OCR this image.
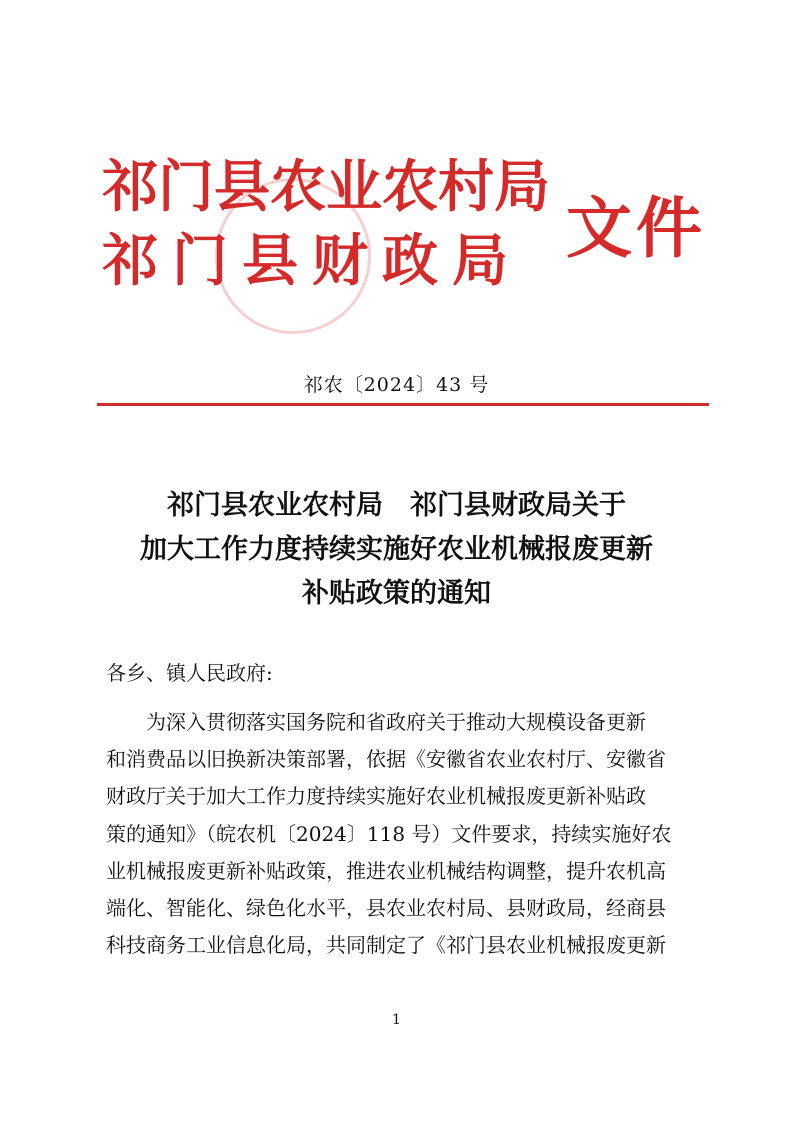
祁门县农业农村局
祁门县财政局 文件
祁农〔2024〕43 号
祁门县农业农村局　祁门县财政局关于
加大工作力度持续实施好农业机械报废更新
补贴政策的通知
各乡、镇人民政府:
　　为深入贯彻落实国务院和省政府关于推动大规模设备更新
和消费品以旧换新决策部署，依据《安徽省农业农村厅、安徽省
财政厅关于加大工作力度持续实施好农业机械报废更新补贴政
策的通知》（皖农机〔2024〕118 号）文件要求，持续实施好农
业机械报废更新补贴政策，推进农业机械结构调整，提升农机高
端化、智能化、绿色化水平，县农业农村局、县财政局，经商县
科技商务工业信息化局，共同制定了《祁门县农业机械报废更新
1
